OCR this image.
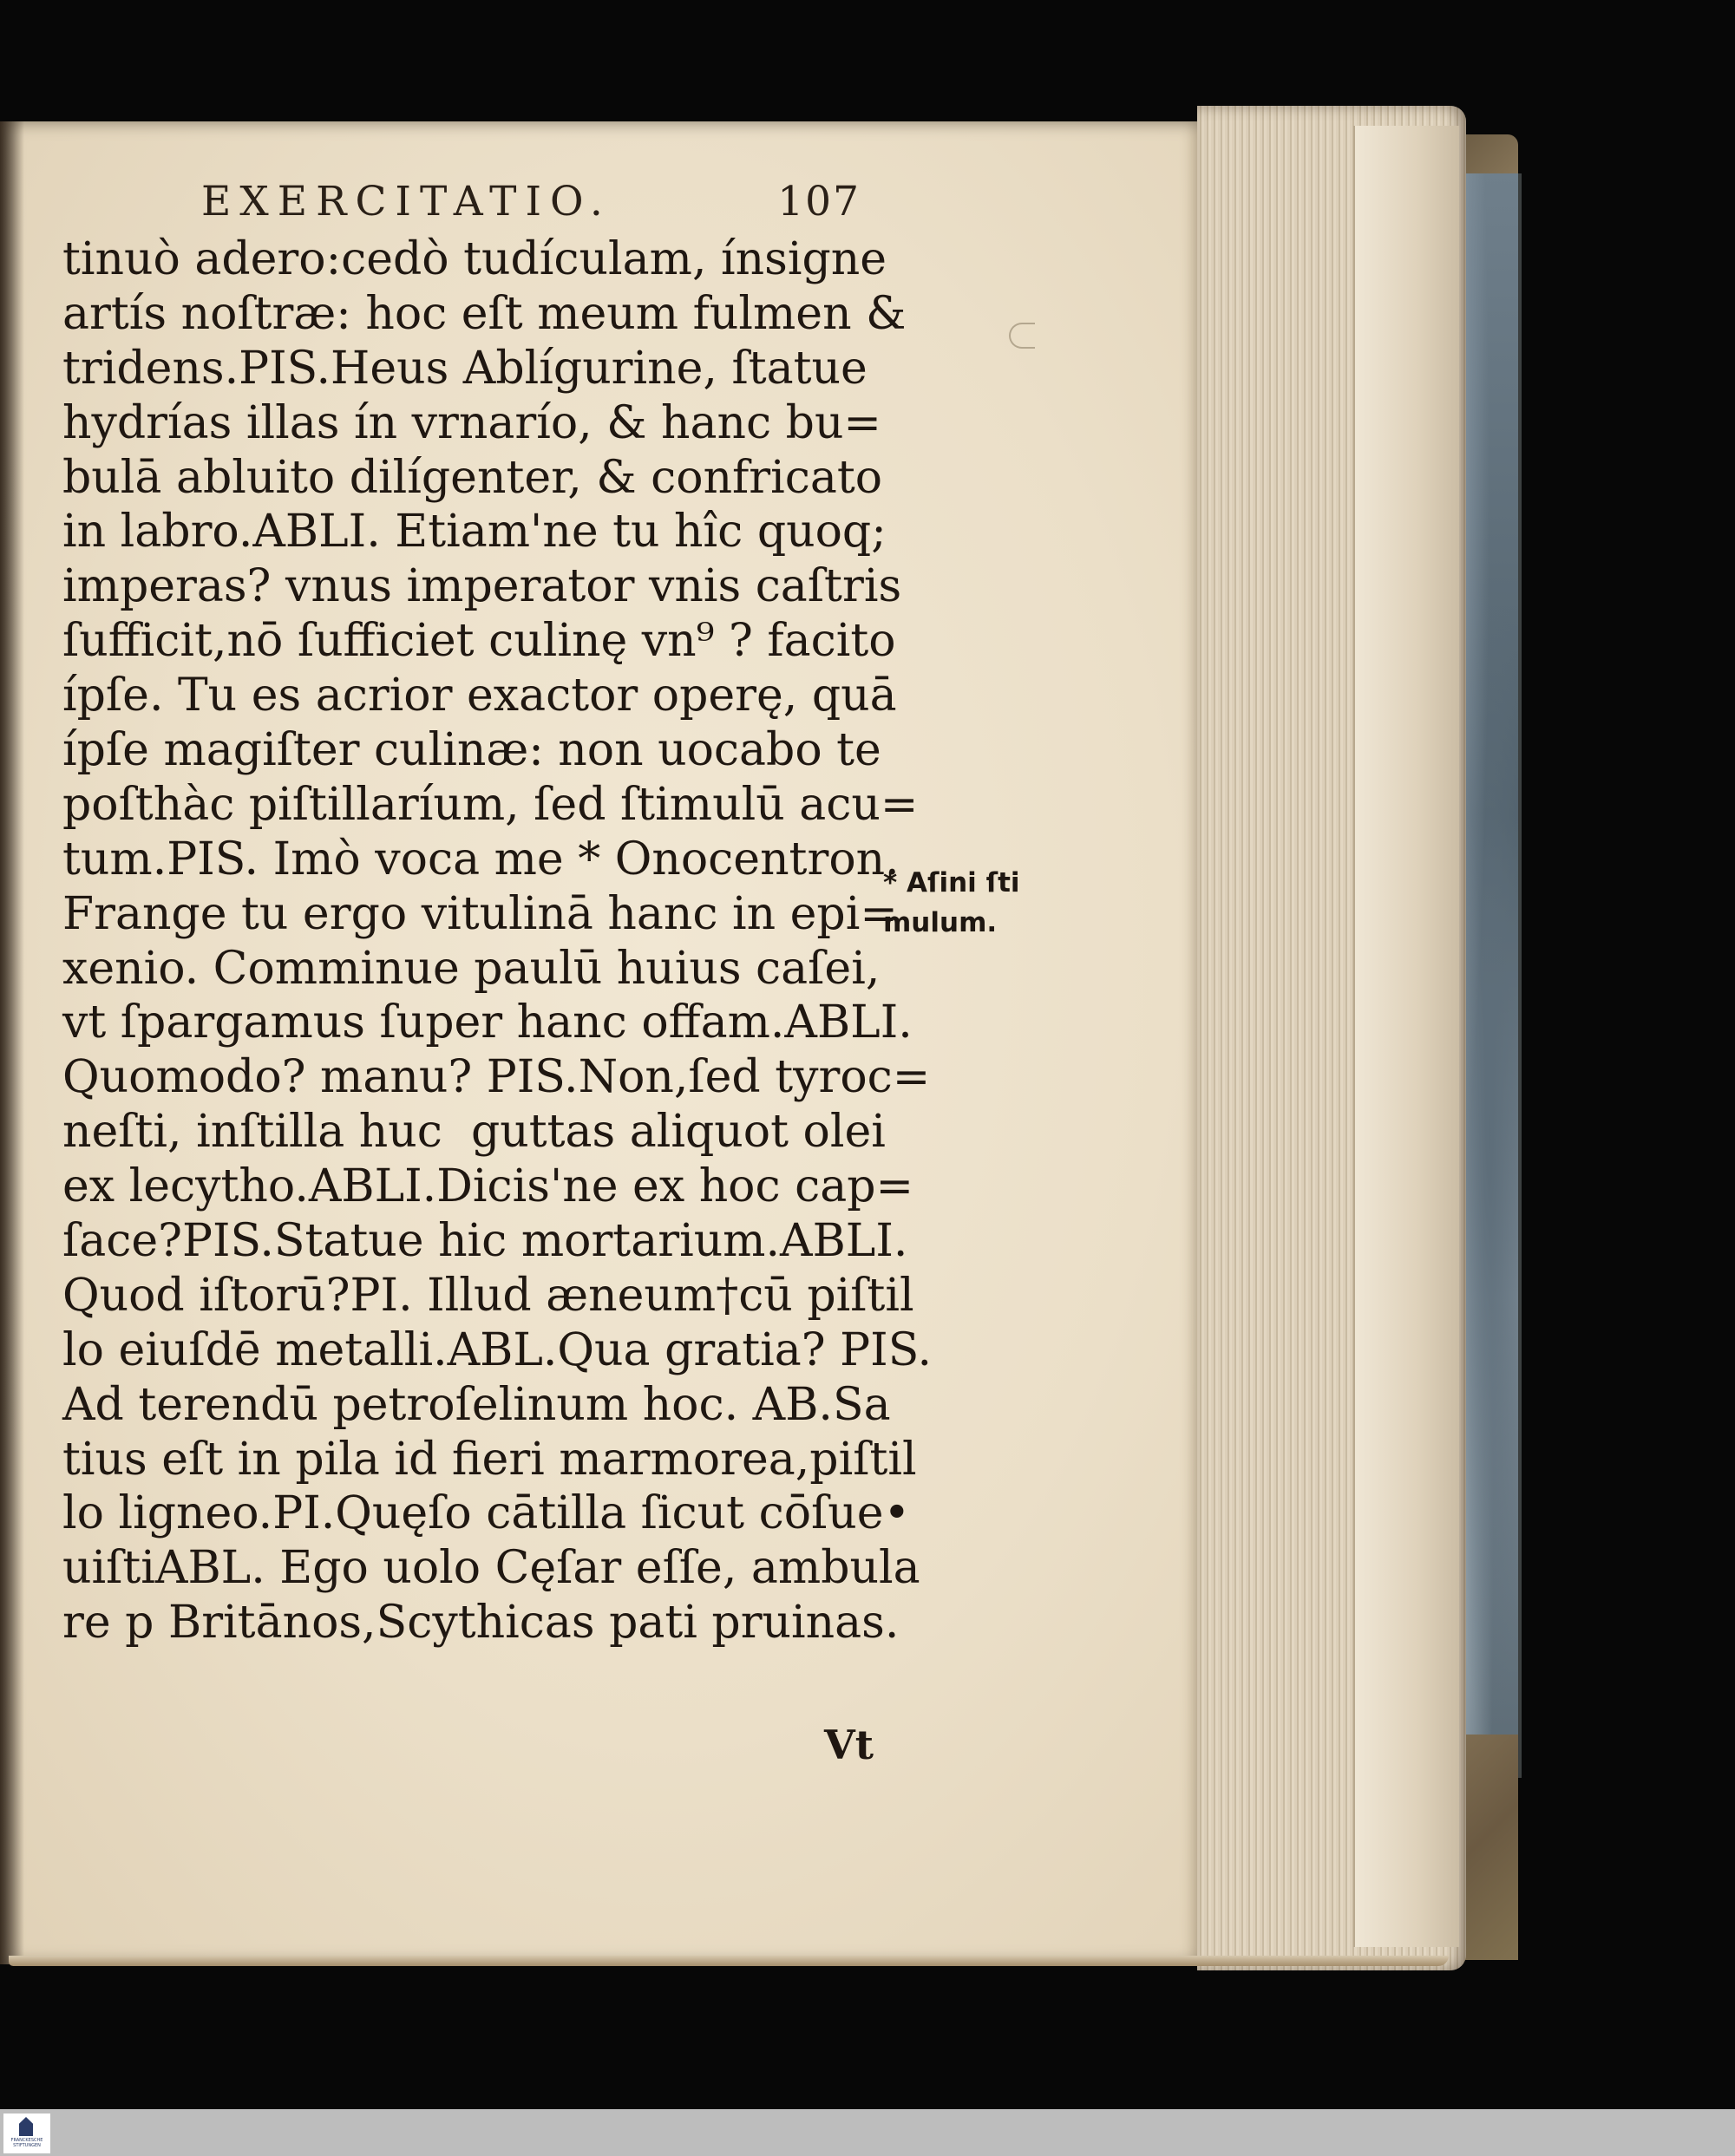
EXERCITATIO.	107
tinuò adero:cedò tudículam, ínsigne
artís noſtræ: hoc eſt meum fulmen &
tridens.PIS.Heus Ablígurine, ſtatue
hydrías illas ín vrnarío, & hanc bu=
bulā abluito dilígenter, & confricato
in labro.ABLI. Etiam'ne tu hîc quoq;
imperas? vnus imperator vnis caſtris
ſufficit,nō ſufficiet culinę vn⁹ ? facito
ípſe. Tu es acrior exactor operę, quā
ípſe magiſter culinæ: non uocabo te
poſthàc piſtillaríum, ſed ſtimulū acu=
tum.PIS. Imò voca me * Onocentron.
Frange tu ergo vitulinā hanc in epi=
xenio. Comminue paulū huius caſei,
vt ſpargamus ſuper hanc offam.ABLI.
Quomodo? manu? PIS.Non,ſed tyroc=
neſti, inſtilla huc  guttas aliquot olei
ex lecytho.ABLI.Dicis'ne ex hoc cap=
ſace?PIS.Statue hic mortarium.ABLI.
Quod iſtorū?PI. Illud æneum†cū piſtil
lo eiuſdē metalli.ABL.Qua gratia? PIS.
Ad terendū petroſelinum hoc. AB.Sa
tius eſt in pila id fieri marmorea,piſtil
lo ligneo.PI.Quęſo cātilla ſicut cōſue•
uiſtiABL. Ego uolo Cęſar eſſe, ambula
re p Britānos,Scythicas pati pruinas.
Vt
* Aſini ſti
mulum.
FRANCKESCHE STIFTUNGEN
